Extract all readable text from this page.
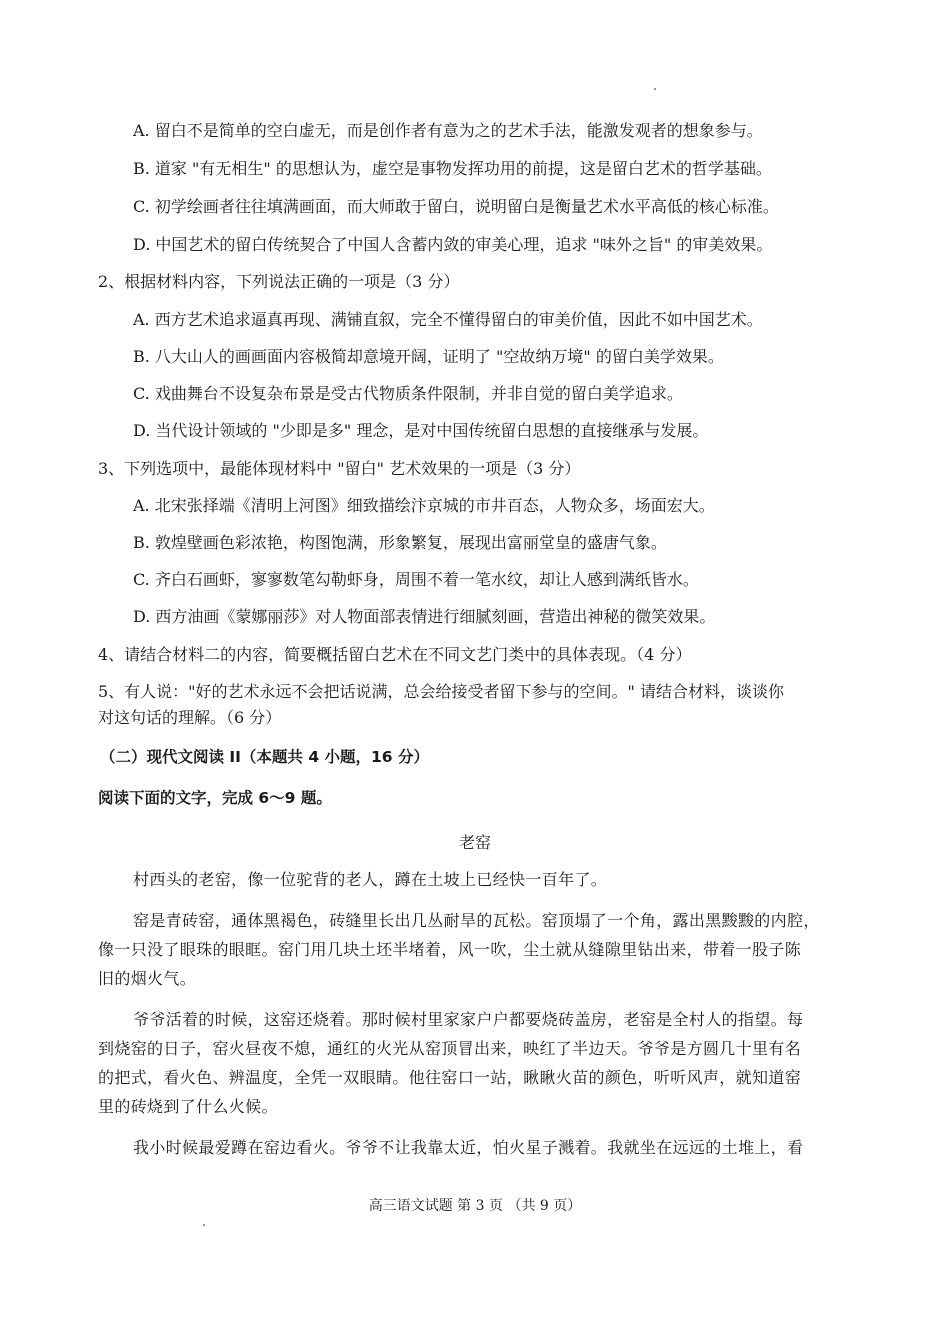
A. 留白不是简单的空白虚无，而是创作者有意为之的艺术手法，能激发观者的想象参与。
B. 道家 "有无相生" 的思想认为，虚空是事物发挥功用的前提，这是留白艺术的哲学基础。
C. 初学绘画者往往填满画面，而大师敢于留白，说明留白是衡量艺术水平高低的核心标准。
D. 中国艺术的留白传统契合了中国人含蓄内敛的审美心理，追求 "味外之旨" 的审美效果。
2、根据材料内容，下列说法正确的一项是（3 分）
A. 西方艺术追求逼真再现、满铺直叙，完全不懂得留白的审美价值，因此不如中国艺术。
B. 八大山人的画画面内容极简却意境开阔，证明了 "空故纳万境" 的留白美学效果。
C. 戏曲舞台不设复杂布景是受古代物质条件限制，并非自觉的留白美学追求。
D. 当代设计领域的 "少即是多" 理念，是对中国传统留白思想的直接继承与发展。
3、下列选项中，最能体现材料中 "留白" 艺术效果的一项是（3 分）
A. 北宋张择端《清明上河图》细致描绘汴京城的市井百态，人物众多，场面宏大。
B. 敦煌壁画色彩浓艳，构图饱满，形象繁复，展现出富丽堂皇的盛唐气象。
C. 齐白石画虾，寥寥数笔勾勒虾身，周围不着一笔水纹，却让人感到满纸皆水。
D. 西方油画《蒙娜丽莎》对人物面部表情进行细腻刻画，营造出神秘的微笑效果。
4、请结合材料二的内容，简要概括留白艺术在不同文艺门类中的具体表现。（4 分）
5、有人说："好的艺术永远不会把话说满，总会给接受者留下参与的空间。" 请结合材料，谈谈你
对这句话的理解。（6 分）
（二）现代文阅读 II（本题共 4 小题，16 分）
阅读下面的文字，完成 6～9 题。
老窑
村西头的老窑，像一位驼背的老人，蹲在土坡上已经快一百年了。
窑是青砖窑，通体黑褐色，砖缝里长出几丛耐旱的瓦松。窑顶塌了一个角，露出黑黢黢的内腔，
像一只没了眼珠的眼眶。窑门用几块土坯半堵着，风一吹，尘土就从缝隙里钻出来，带着一股子陈
旧的烟火气。
爷爷活着的时候，这窑还烧着。那时候村里家家户户都要烧砖盖房，老窑是全村人的指望。每
到烧窑的日子，窑火昼夜不熄，通红的火光从窑顶冒出来，映红了半边天。爷爷是方圆几十里有名
的把式，看火色、辨温度，全凭一双眼睛。他往窑口一站，瞅瞅火苗的颜色，听听风声，就知道窑
里的砖烧到了什么火候。
我小时候最爱蹲在窑边看火。爷爷不让我靠太近，怕火星子溅着。我就坐在远远的土堆上，看
高三语文试题 第 3 页 （共 9 页）
